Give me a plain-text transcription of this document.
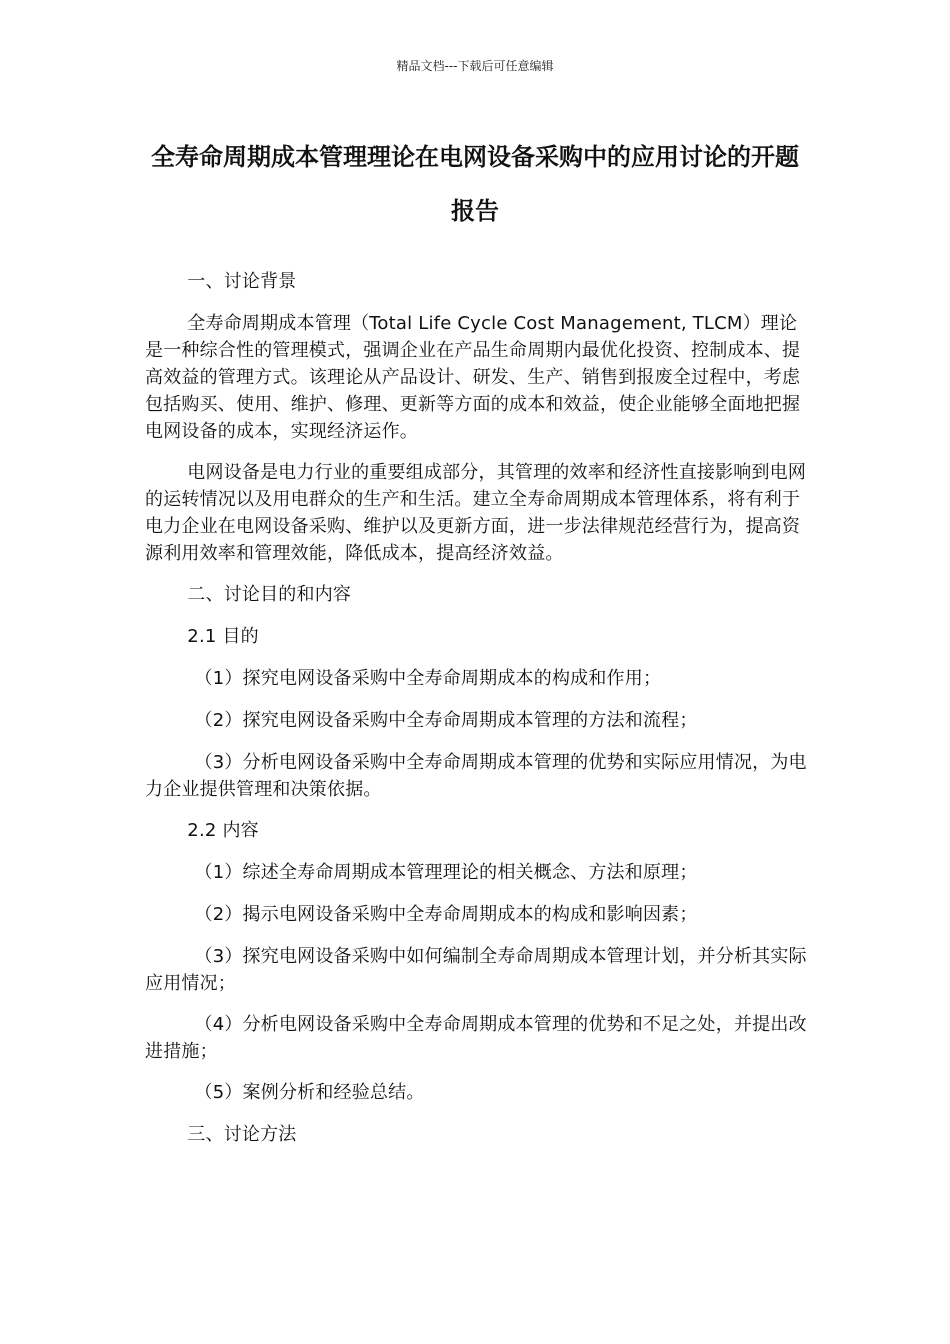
精品文档---下载后可任意编辑
全寿命周期成本管理理论在电网设备采购中的应用讨论的开题报告

一、讨论背景

全寿命周期成本管理（Total Life Cycle Cost Management, TLCM）理论是一种综合性的管理模式，强调企业在产品生命周期内最优化投资、控制成本、提高效益的管理方式。该理论从产品设计、研发、生产、销售到报废全过程中，考虑包括购买、使用、维护、修理、更新等方面的成本和效益，使企业能够全面地把握电网设备的成本，实现经济运作。

电网设备是电力行业的重要组成部分，其管理的效率和经济性直接影响到电网的运转情况以及用电群众的生产和生活。建立全寿命周期成本管理体系，将有利于电力企业在电网设备采购、维护以及更新方面，进一步法律规范经营行为，提高资源利用效率和管理效能，降低成本，提高经济效益。

二、讨论目的和内容

2.1 目的

（1）探究电网设备采购中全寿命周期成本的构成和作用；

（2）探究电网设备采购中全寿命周期成本管理的方法和流程；

（3）分析电网设备采购中全寿命周期成本管理的优势和实际应用情况，为电力企业提供管理和决策依据。

2.2 内容

（1）综述全寿命周期成本管理理论的相关概念、方法和原理；

（2）揭示电网设备采购中全寿命周期成本的构成和影响因素；

（3）探究电网设备采购中如何编制全寿命周期成本管理计划，并分析其实际应用情况；

（4）分析电网设备采购中全寿命周期成本管理的优势和不足之处，并提出改进措施；

（5）案例分析和经验总结。

三、讨论方法
